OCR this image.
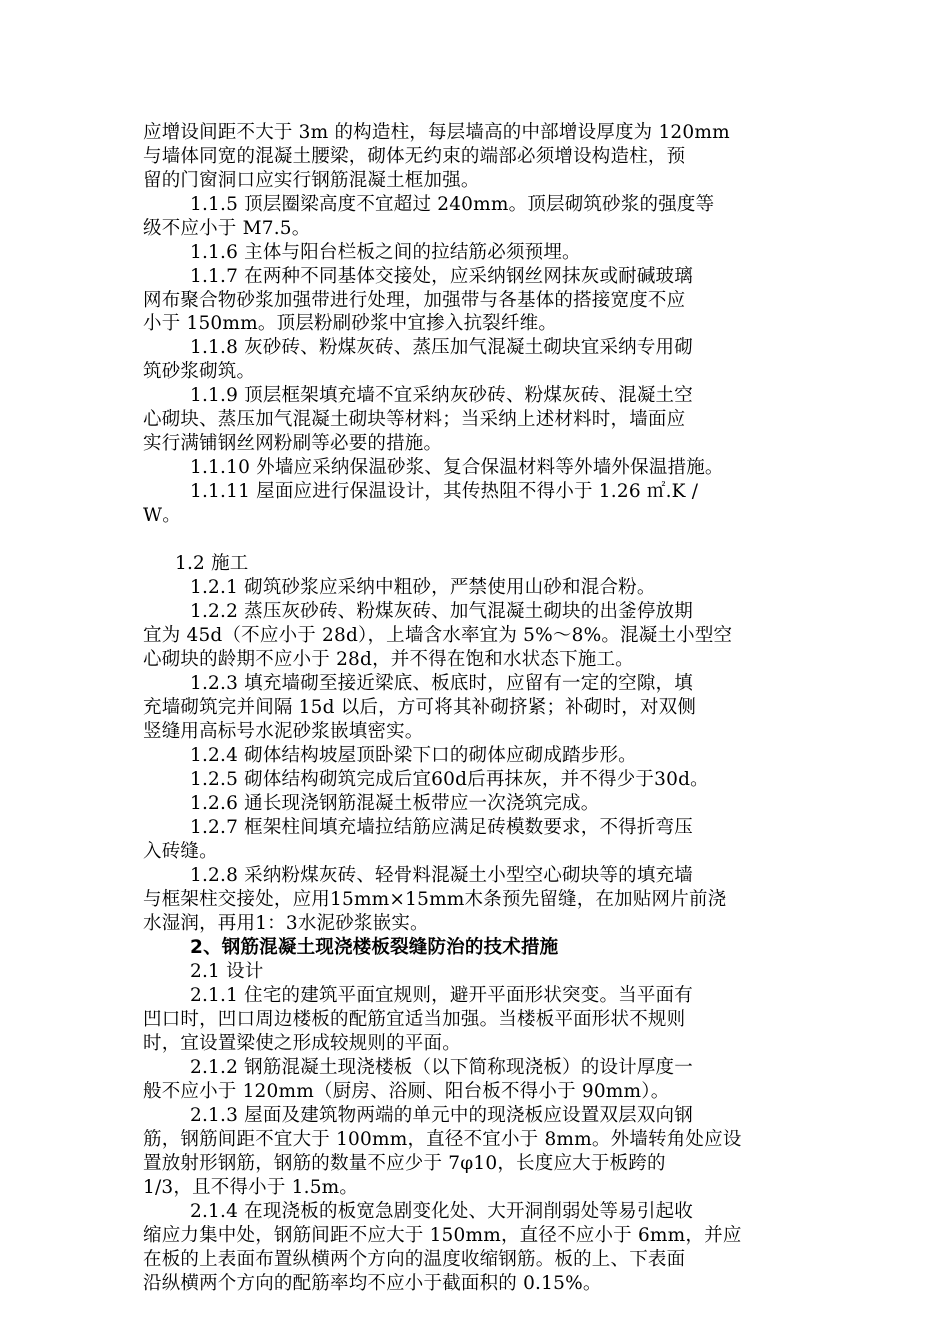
应增设间距不大于 3m 的构造柱，每层墙高的中部增设厚度为 120mm
与墙体同宽的混凝土腰梁，砌体无约束的端部必须增设构造柱，预
留的门窗洞口应实行钢筋混凝土框加强。
1.1.5 顶层圈梁高度不宜超过 240mm。顶层砌筑砂浆的强度等
级不应小于 M7.5。
1.1.6 主体与阳台栏板之间的拉结筋必须预埋。
1.1.7 在两种不同基体交接处，应采纳钢丝网抹灰或耐碱玻璃
网布聚合物砂浆加强带进行处理，加强带与各基体的搭接宽度不应
小于 150mm。顶层粉刷砂浆中宜掺入抗裂纤维。
1.1.8 灰砂砖、粉煤灰砖、蒸压加气混凝土砌块宜采纳专用砌
筑砂浆砌筑。
1.1.9 顶层框架填充墙不宜采纳灰砂砖、粉煤灰砖、混凝土空
心砌块、蒸压加气混凝土砌块等材料；当采纳上述材料时，墙面应
实行满铺钢丝网粉刷等必要的措施。
1.1.10 外墙应采纳保温砂浆、复合保温材料等外墙外保温措施。
1.1.11 屋面应进行保温设计，其传热阻不得小于 1.26 ㎡.K /
W。
1.2 施工
1.2.1 砌筑砂浆应采纳中粗砂，严禁使用山砂和混合粉。
1.2.2 蒸压灰砂砖、粉煤灰砖、加气混凝土砌块的出釜停放期
宜为 45d（不应小于 28d），上墙含水率宜为 5%～8%。混凝土小型空
心砌块的龄期不应小于 28d，并不得在饱和水状态下施工。
1.2.3 填充墙砌至接近梁底、板底时，应留有一定的空隙，填
充墙砌筑完并间隔 15d 以后，方可将其补砌挤紧；补砌时，对双侧
竖缝用高标号水泥砂浆嵌填密实。
1.2.4 砌体结构坡屋顶卧梁下口的砌体应砌成踏步形。
1.2.5 砌体结构砌筑完成后宜60d后再抹灰，并不得少于30d。
1.2.6 通长现浇钢筋混凝土板带应一次浇筑完成。
1.2.7 框架柱间填充墙拉结筋应满足砖模数要求，不得折弯压
入砖缝。
1.2.8 采纳粉煤灰砖、轻骨料混凝土小型空心砌块等的填充墙
与框架柱交接处，应用15mm×15mm木条预先留缝，在加贴网片前浇
水湿润，再用1：3水泥砂浆嵌实。
2、钢筋混凝土现浇楼板裂缝防治的技术措施
2.1 设计
2.1.1 住宅的建筑平面宜规则，避开平面形状突变。当平面有
凹口时，凹口周边楼板的配筋宜适当加强。当楼板平面形状不规则
时，宜设置梁使之形成较规则的平面。
2.1.2 钢筋混凝土现浇楼板（以下简称现浇板）的设计厚度一
般不应小于 120mm（厨房、浴厕、阳台板不得小于 90mm）。
2.1.3 屋面及建筑物两端的单元中的现浇板应设置双层双向钢
筋，钢筋间距不宜大于 100mm，直径不宜小于 8mm。外墙转角处应设
置放射形钢筋，钢筋的数量不应少于 7φ10，长度应大于板跨的
1/3，且不得小于 1.5m。
2.1.4 在现浇板的板宽急剧变化处、大开洞削弱处等易引起收
缩应力集中处，钢筋间距不应大于 150mm，直径不应小于 6mm，并应
在板的上表面布置纵横两个方向的温度收缩钢筋。板的上、下表面
沿纵横两个方向的配筋率均不应小于截面积的 0.15%。
